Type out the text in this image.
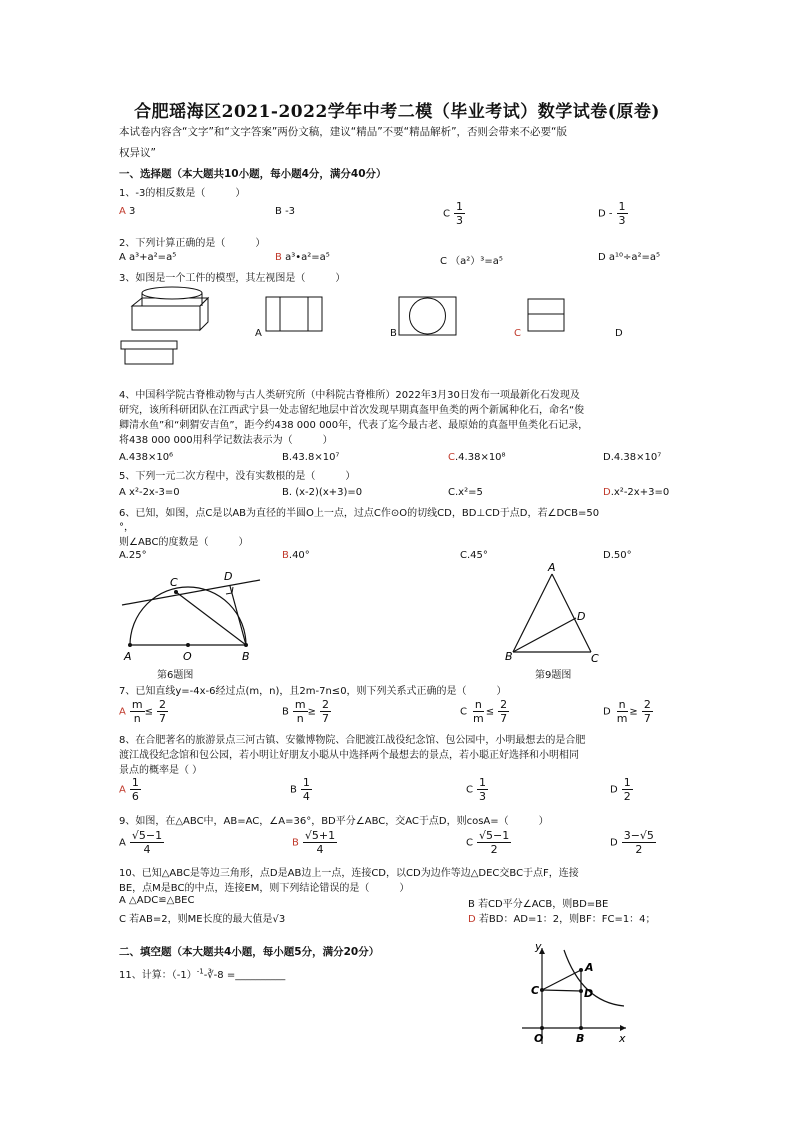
合肥瑶海区2021-2022学年中考二模（毕业考试）数学试卷(原卷)
本试卷内容含“文字”和“文字答案”两份文稿，建议“精品”不要“精品解析”，否则会带来不必要“版
权异议”
一、选择题（本大题共10小题，每小题4分，满分40分）
1、-3的相反数是（　　　）
A 3	B -3	C $\frac{1}{3}$	D - $\frac{1}{3}$
2、下列计算正确的是（　　　）
A a³+a²=a⁵	B a³•a²=a⁵	C （a²）³=a⁵	D a¹⁰÷a²=a⁵
3、如图是一个工件的模型，其左视图是（　　　）
A	B	C	D
4、中国科学院古脊椎动物与古人类研究所（中科院古脊椎所）2022年3月30日发布一项最新化石发现及
研究，该所科研团队在江西武宁县一处志留纪地层中首次发现早期真盔甲鱼类的两个新属种化石，命名“俊
卿清水鱼”和“刺猬安吉鱼”，距今约438 000 000年，代表了迄今最古老、最原始的真盔甲鱼类化石记录，
将438 000 000用科学记数法表示为（　　　）
A.438×10⁶	B.43.8×10⁷	C.4.38×10⁸	D.4.38×10⁷
5、下列一元二次方程中，没有实数根的是（　　　）
A x²-2x-3=0	B. (x-2)(x+3)=0	C.x²=5	D.x²-2x+3=0
6、已知，如图，点C是以AB为直径的半圆O上一点，过点C作⊙O的切线CD，BD⊥CD于点D，若∠DCB=50
°，
则∠ABC的度数是（　　　）
A.25°	B.40°	C.45°	D.50°
A	O	B
C	D
第6题图
A
B	C
D
第9题图
7、已知直线y=-4x-6经过点(m，n)，且2m-7n≤0，则下列关系式正确的是（　　　）
A $\frac{m}{n} \le \frac{2}{7}$	B $\frac{m}{n} \ge \frac{2}{7}$	C $\frac{n}{m} \le \frac{2}{7}$	D $\frac{n}{m} \ge \frac{2}{7}$
8、在合肥著名的旅游景点三河古镇、安徽博物院、合肥渡江战役纪念馆、包公园中，小明最想去的是合肥
渡江战役纪念馆和包公园，若小明让好朋友小聪从中选择两个最想去的景点，若小聪正好选择和小明相同
景点的概率是（ ）
A $\frac{1}{6}$	B $\frac{1}{4}$	C $\frac{1}{3}$	D $\frac{1}{2}$
9、如图，在△ABC中，AB=AC，∠A=36°，BD平分∠ABC，交AC于点D，则cosA=（　　　）
A $\frac{√5-1}{4}$	B $\frac{√5+1}{4}$	C $\frac{√5-1}{2}$	D $\frac{3-√5}{2}$
10、已知△ABC是等边三角形，点D是AB边上一点，连接CD，以CD为边作等边△DEC交BC于点F，连接
BE，点M是BC的中点，连接EM，则下列结论错误的是（　　　）
A △ADC≌△BEC	B 若CD平分∠ACB，则BD=BE
C 若AB=2，则ME长度的最大值是√3	D 若BD：AD=1：2，则BF：FC=1：4；
二、填空题（本大题共4小题，每小题5分，满分20分）
11、计算：$(-1)^{-1}-∛-8$ =__________
y
x
O	B
C
A
D
